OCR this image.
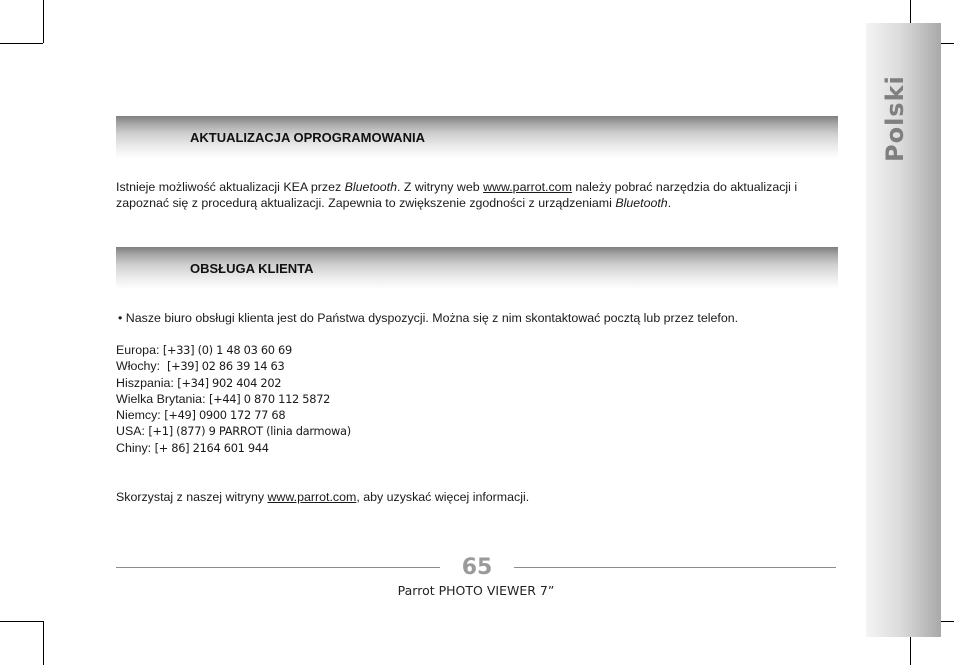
Polski
AKTUALIZACJA OPROGRAMOWANIA
Istnieje możliwość aktualizacji KEA przez Bluetooth. Z witryny web www.parrot.com należy pobrać narzędzia do aktualizacji i zapoznać się z procedurą aktualizacji. Zapewnia to zwiększenie zgodności z urządzeniami Bluetooth.
OBSŁUGA KLIENTA
• Nasze biuro obsługi klienta jest do Państwa dyspozycji. Można się z nim skontaktować pocztą lub przez telefon.
Europa: [+33] (0) 1 48 03 60 69
Włochy:  [+39] 02 86 39 14 63
Hiszpania: [+34] 902 404 202
Wielka Brytania: [+44] 0 870 112 5872
Niemcy: [+49] 0900 172 77 68
USA: [+1] (877) 9 PARROT (linia darmowa)
Chiny: [+ 86] 2164 601 944
Skorzystaj z naszej witryny www.parrot.com, aby uzyskać więcej informacji.
65
Parrot PHOTO VIEWER 7”
